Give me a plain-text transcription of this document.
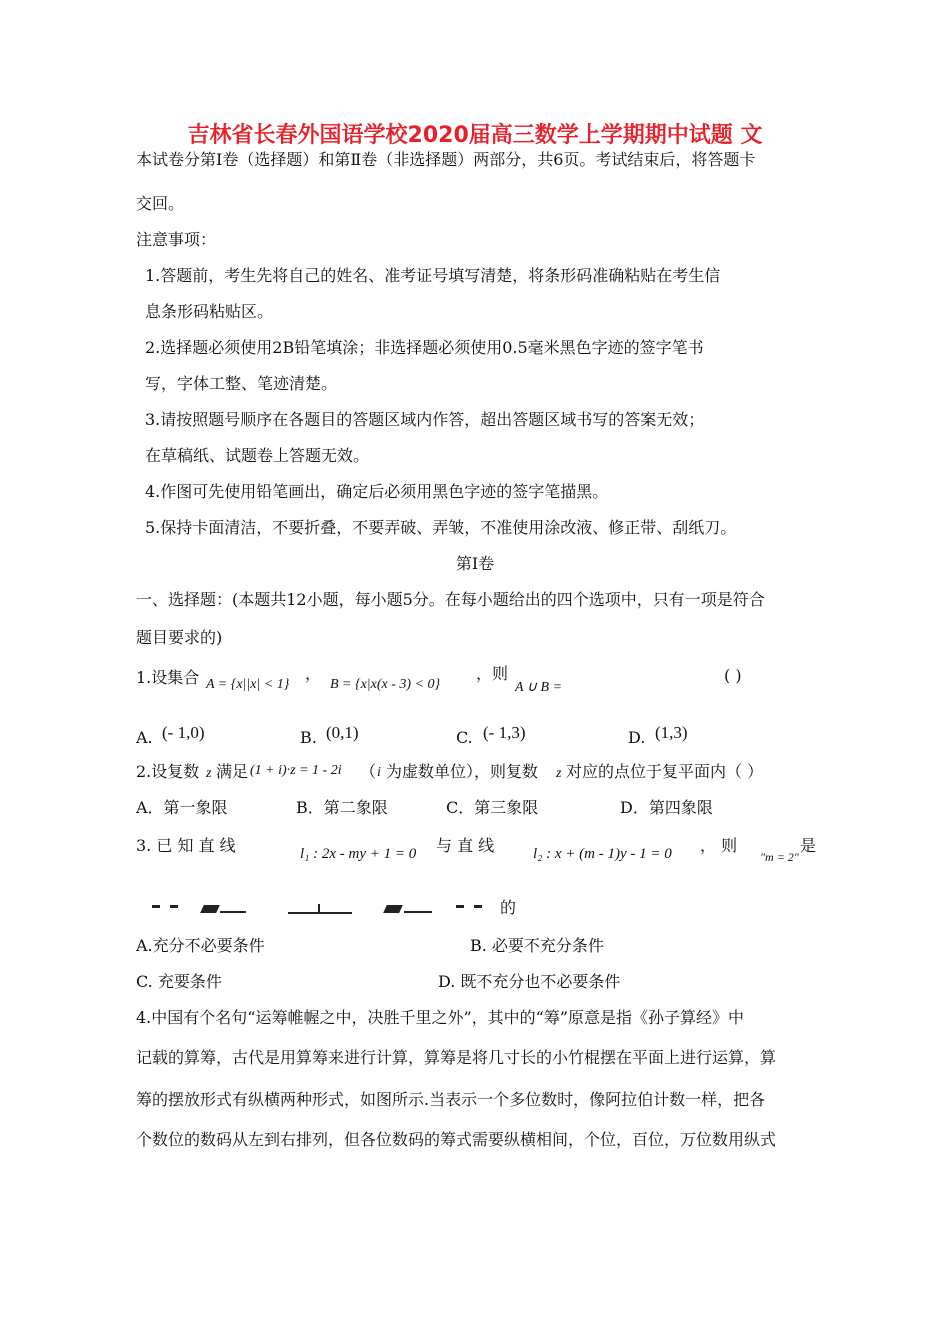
吉林省长春外国语学校2020届高三数学上学期期中试题 文
本试卷分第Ⅰ卷（选择题）和第Ⅱ卷（非选择题）两部分，共6页。考试结束后，将答题卡
交回。
注意事项：
1.答题前，考生先将自己的姓名、准考证号填写清楚，将条形码准确粘贴在考生信
息条形码粘贴区。
2.选择题必须使用2B铅笔填涂；非选择题必须使用0.5毫米黑色字迹的签字笔书
写，字体工整、笔迹清楚。
3.请按照题号顺序在各题目的答题区域内作答，超出答题区域书写的答案无效；
在草稿纸、试题卷上答题无效。
4.作图可先使用铅笔画出，确定后必须用黑色字迹的签字笔描黑。
5.保持卡面清洁，不要折叠，不要弄破、弄皱，不准使用涂改液、修正带、刮纸刀。
第Ⅰ卷
一、选择题：(本题共12小题，每小题5分。在每小题给出的四个选项中，只有一项是符合
题目要求的)
1.设集合 A = {x||x| < 1}
，
B = {x|x(x - 3) < 0}
，则
A ∪ B =
( )
A. (- 1,0)	B. (0,1)	C. (- 1,3)	D. (1,3)
2.设复数 z 满足 (1 + i)·z = 1 - 2i （ i 为虚数单位），则复数 z 对应的点位于复平面内（ ）
A．第一象限	B．第二象限	C．第三象限	D．第四象限
3. 已 知 直 线	l₁ : 2x - my + 1 = 0 与 直 线	l₂ : x + (m - 1)y - 1 = 0 ， 则
"m = 2"
是
的
A.充分不必要条件	B. 必要不充分条件
C. 充要条件	D. 既不充分也不必要条件
4.中国有个名句“运筹帷幄之中，决胜千里之外”，其中的“筹”原意是指《孙子算经》中
记载的算筹，古代是用算筹来进行计算，算筹是将几寸长的小竹棍摆在平面上进行运算，算
筹的摆放形式有纵横两种形式，如图所示.当表示一个多位数时，像阿拉伯计数一样，把各
个数位的数码从左到右排列，但各位数码的筹式需要纵横相间，个位，百位，万位数用纵式
